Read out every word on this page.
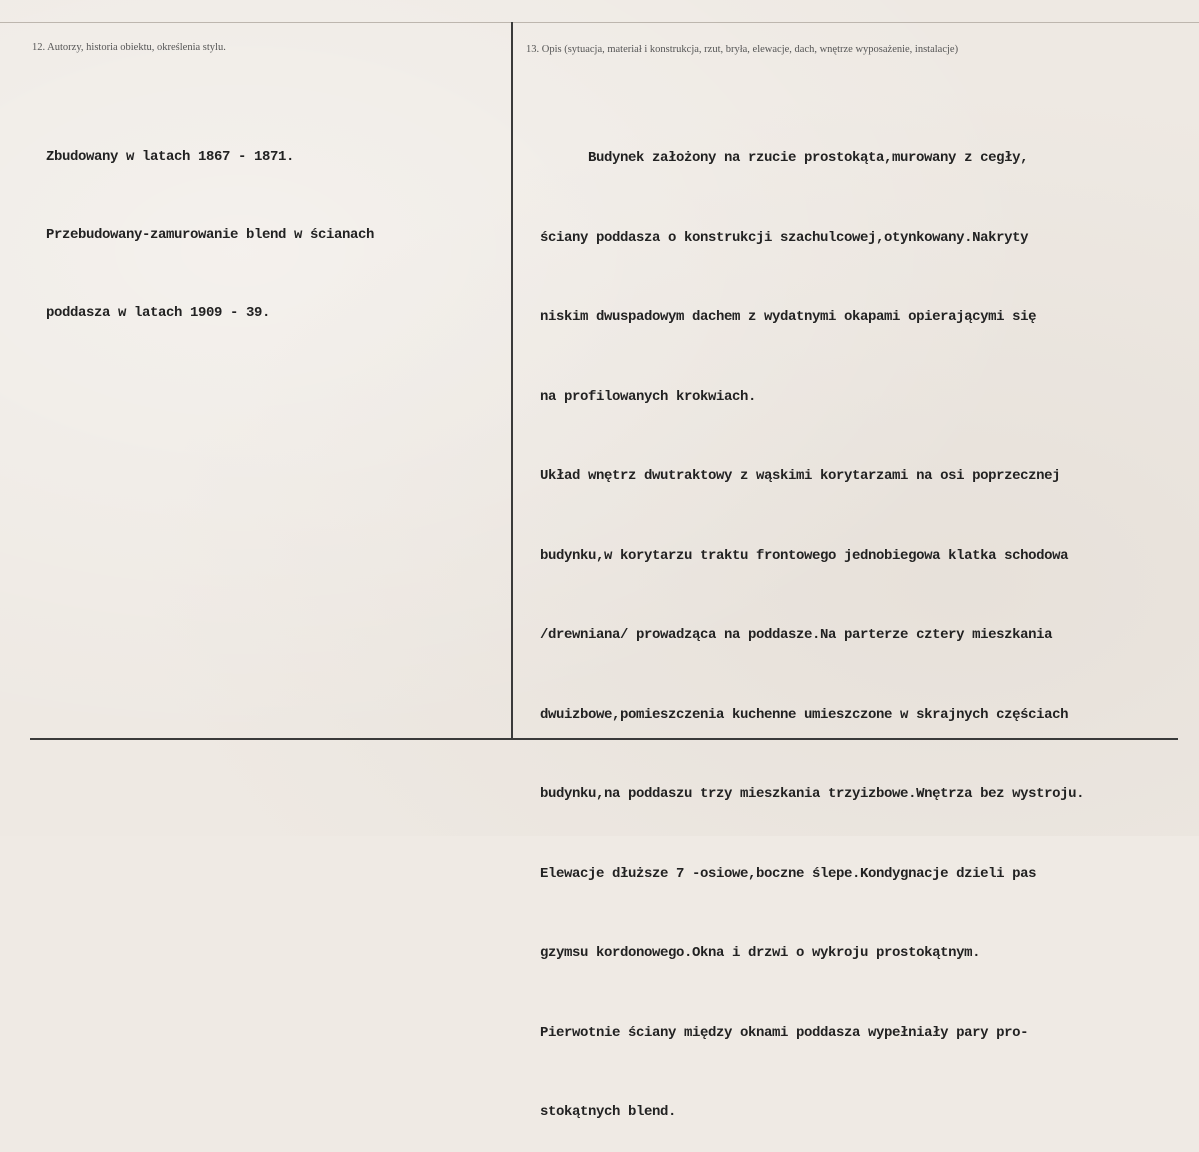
12. Autorzy, historia obiektu, określenia stylu.	13. Opis (sytuacja, materiał i konstrukcja, rzut, bryła, elewacje, dach, wnętrze wyposażenie, instalacje)

Zbudowany w latach 1867 - 1871.

Przebudowany-zamurowanie blend w ścianach

poddasza w latach 1909 - 39.

Budynek założony na rzucie prostokąta,murowany z cegły,

ściany poddasza o konstrukcji szachulcowej,otynkowany.Nakryty

niskim dwuspadowym dachem z wydatnymi okapami opierającymi się

na profilowanych krokwiach.

Układ wnętrz dwutraktowy z wąskimi korytarzami na osi poprzecznej

budynku,w korytarzu traktu frontowego jednobiegowa klatka schodowa

/drewniana/ prowadząca na poddasze.Na parterze cztery mieszkania

dwuizbowe,pomieszczenia kuchenne umieszczone w skrajnych częściach

budynku,na poddaszu trzy mieszkania trzyizbowe.Wnętrza bez wystroju.

Elewacje dłuższe 7 -osiowe,boczne ślepe.Kondygnacje dzieli pas

gzymsu kordonowego.Okna i drzwi o wykroju prostokątnym.

Pierwotnie ściany między oknami poddasza wypełniały pary pro-

stokątnych blend.
